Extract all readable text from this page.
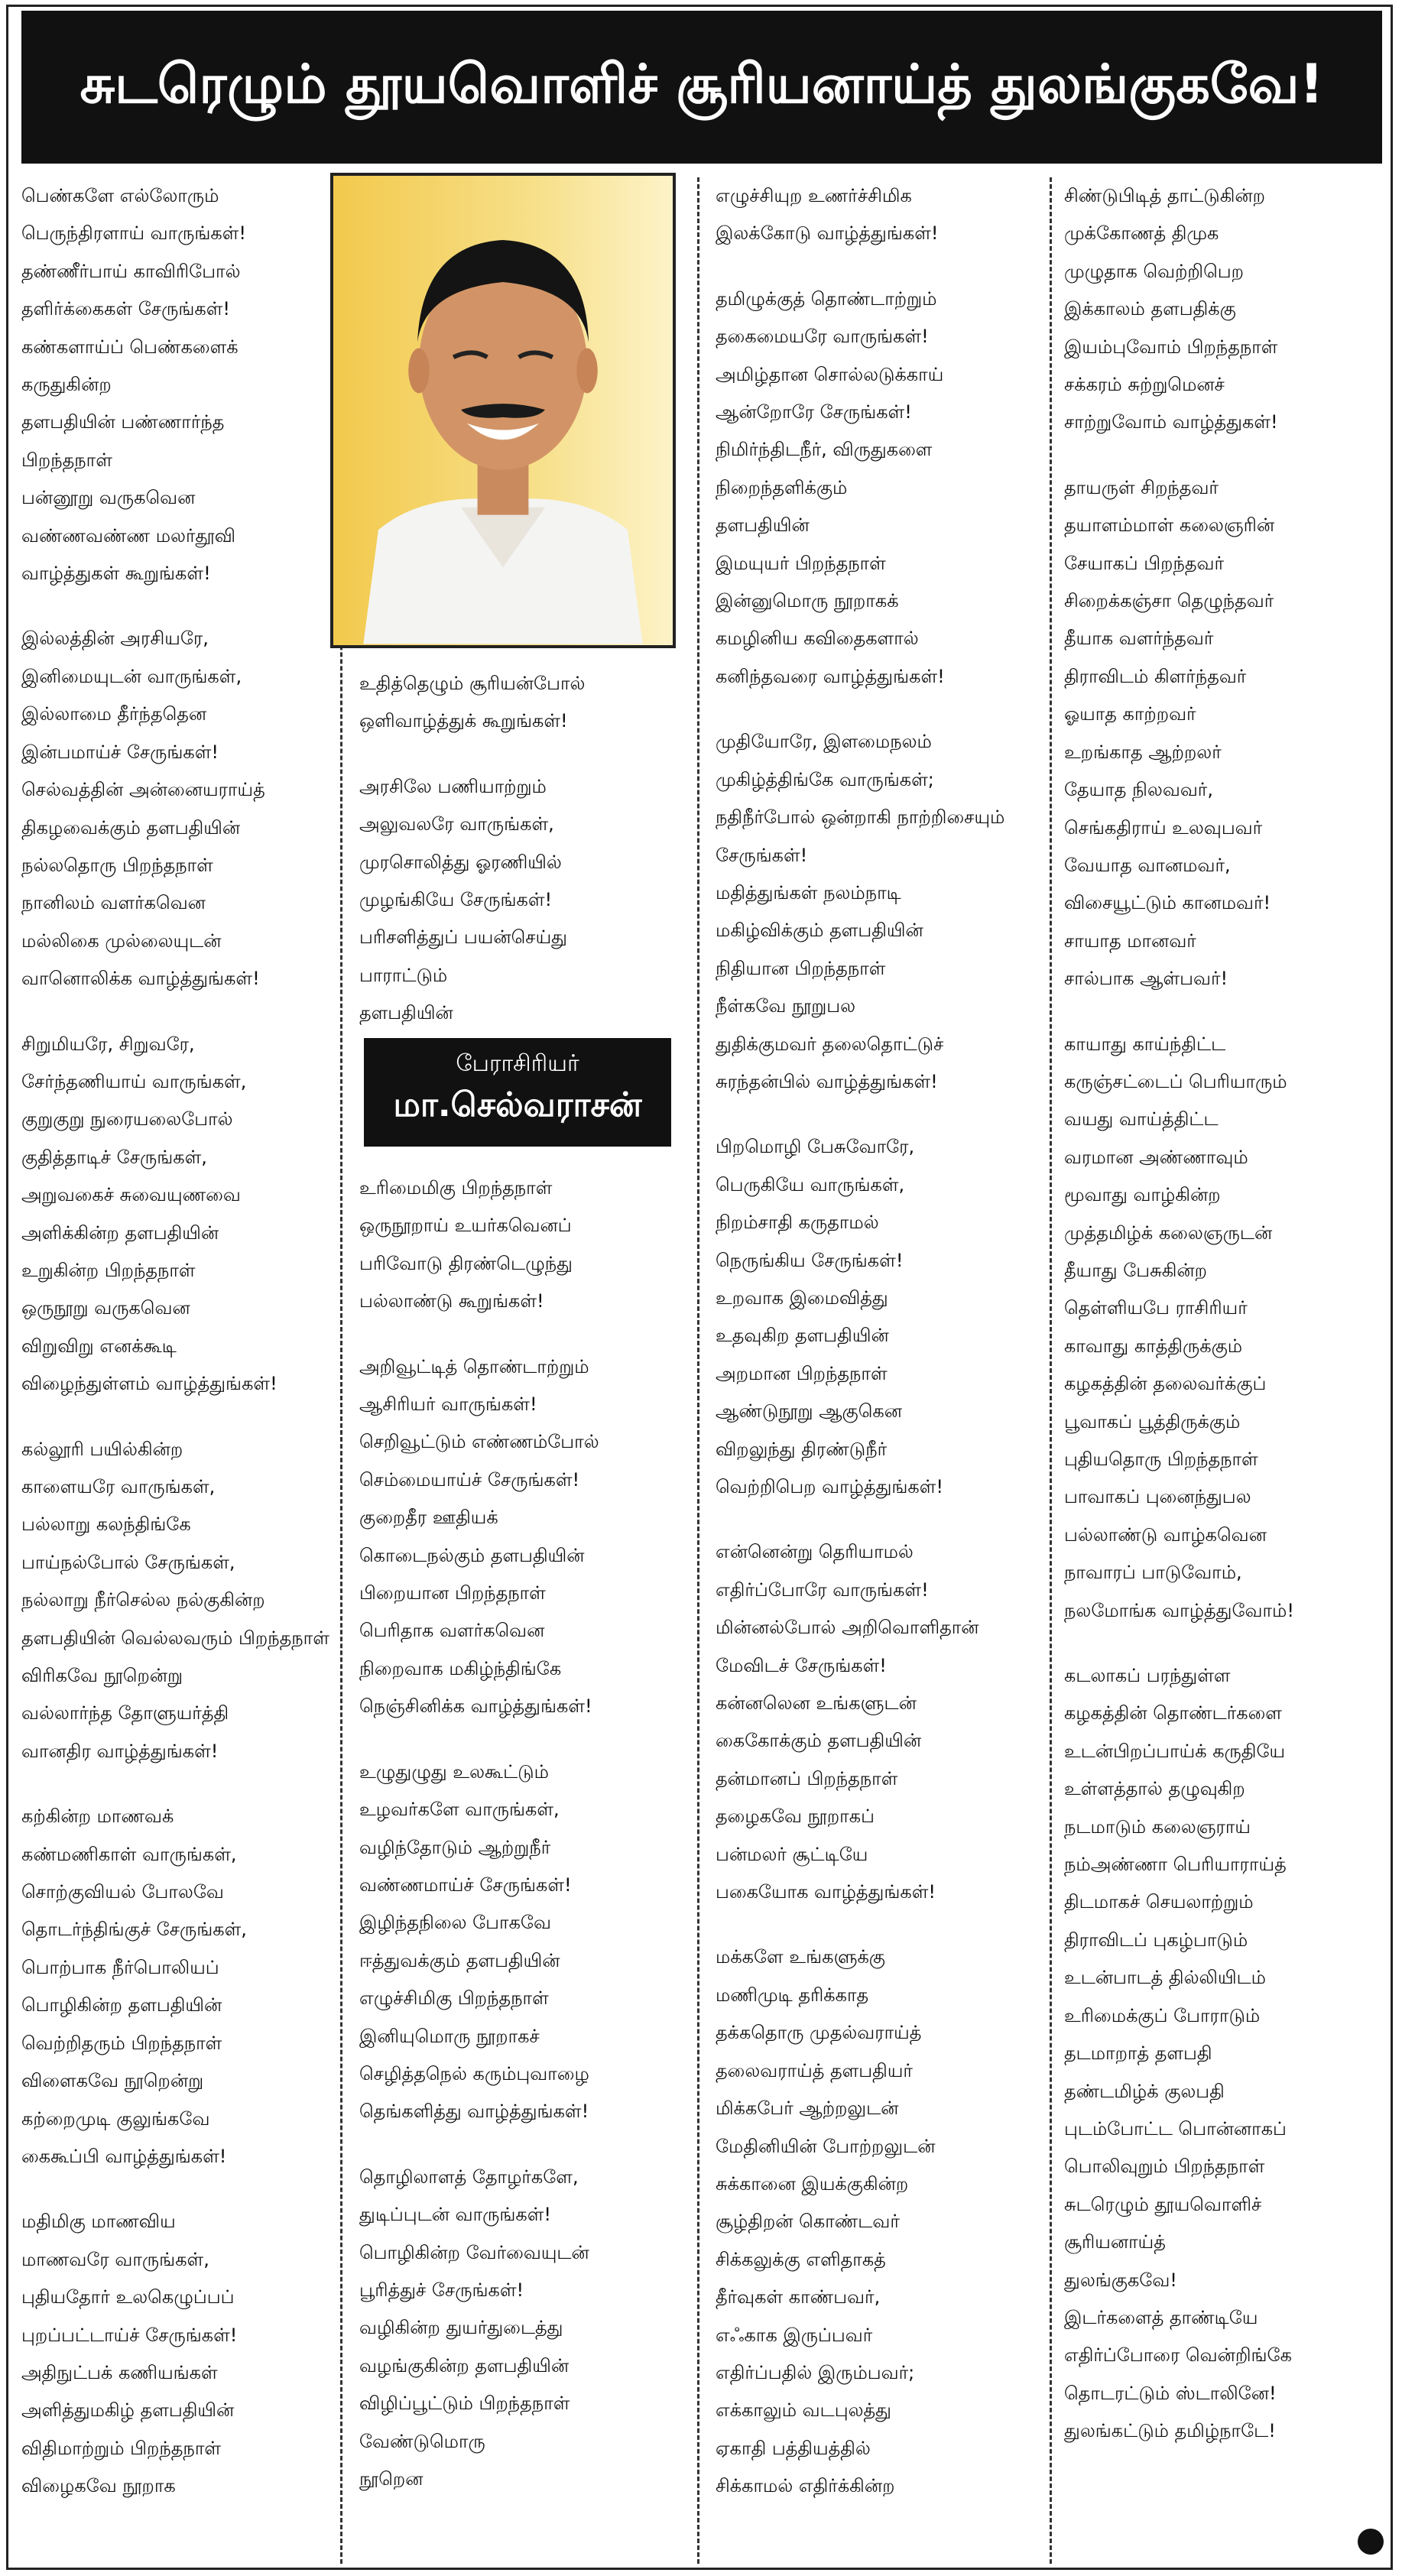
சுடரெழும் தூயவொளிச் சூரியனாய்த் துலங்குகவே!
பெண்களே எல்லோரும்
பெருந்திரளாய் வாருங்கள்!
தண்ணீர்பாய் காவிரிபோல்
தளிர்க்கைகள் சேருங்கள்!
கண்களாய்ப் பெண்களைக்
கருதுகின்ற
தளபதியின் பண்ணார்ந்த
பிறந்தநாள்
பன்னூறு வருகவென
வண்ணவண்ண மலர்தூவி
வாழ்த்துகள் கூறுங்கள்!
இல்லத்தின் அரசியரே,
இனிமையுடன் வாருங்கள்,
இல்லாமை தீர்ந்ததென
இன்பமாய்ச் சேருங்கள்!
செல்வத்தின் அன்னையராய்த்
திகழவைக்கும் தளபதியின்
நல்லதொரு பிறந்தநாள்
நானிலம் வளர்கவென
மல்லிகை முல்லையுடன்
வானொலிக்க வாழ்த்துங்கள்!
சிறுமியரே, சிறுவரே,
சேர்ந்தணியாய் வாருங்கள்,
குறுகுறு நுரையலைபோல்
குதித்தாடிச் சேருங்கள்,
அறுவகைச் சுவையுணவை
அளிக்கின்ற தளபதியின்
உறுகின்ற பிறந்தநாள்
ஒருநூறு வருகவென
விறுவிறு எனக்கூடி
விழைந்துள்ளம் வாழ்த்துங்கள்!
கல்லூரி பயில்கின்ற
காளையரே வாருங்கள்,
பல்லாறு கலந்திங்கே
பாய்நல்போல் சேருங்கள்,
நல்லாறு நீர்செல்ல நல்குகின்ற
தளபதியின் வெல்லவரும் பிறந்தநாள்
விரிகவே நூறென்று
வல்லார்ந்த தோளுயர்த்தி
வானதிர வாழ்த்துங்கள்!
கற்கின்ற மாணவக்
கண்மணிகாள் வாருங்கள்,
சொற்குவியல் போலவே
தொடர்ந்திங்குச் சேருங்கள்,
பொற்பாக நீர்பொலியப்
பொழிகின்ற தளபதியின்
வெற்றிதரும் பிறந்தநாள்
விளைகவே நூறென்று
கற்றைமுடி குலுங்கவே
கைகூப்பி வாழ்த்துங்கள்!
மதிமிகு மாணவிய
மாணவரே வாருங்கள்,
புதியதோர் உலகெழுப்பப்
புறப்பட்டாய்ச் சேருங்கள்!
அதிநுட்பக் கணியங்கள்
அளித்துமகிழ் தளபதியின்
விதிமாற்றும் பிறந்தநாள்
விழைகவே நூறாக
உதித்தெழும் சூரியன்போல்
ஒளிவாழ்த்துக் கூறுங்கள்!
அரசிலே பணியாற்றும்
அலுவலரே வாருங்கள்,
முரசொலித்து ஓரணியில்
முழங்கியே சேருங்கள்!
பரிசளித்துப் பயன்செய்து
பாராட்டும்
தளபதியின்
பேராசிரியர்
மா.செல்வராசன்
உரிமைமிகு பிறந்தநாள்
ஒருநூறாய் உயர்கவெனப்
பரிவோடு திரண்டெழுந்து
பல்லாண்டு கூறுங்கள்!
அறிவூட்டித் தொண்டாற்றும்
ஆசிரியர் வாருங்கள்!
செறிவூட்டும் எண்ணம்போல்
செம்மையாய்ச் சேருங்கள்!
குறைதீர ஊதியக்
கொடைநல்கும் தளபதியின்
பிறையான பிறந்தநாள்
பெரிதாக வளர்கவென
நிறைவாக மகிழ்ந்திங்கே
நெஞ்சினிக்க வாழ்த்துங்கள்!
உழுதுழுது உலகூட்டும்
உழவர்களே வாருங்கள்,
வழிந்தோடும் ஆற்றுநீர்
வண்ணமாய்ச் சேருங்கள்!
இழிந்தநிலை போகவே
ஈத்துவக்கும் தளபதியின்
எழுச்சிமிகு பிறந்தநாள்
இனியுமொரு நூறாகச்
செழித்தநெல் கரும்புவாழை
தெங்களித்து வாழ்த்துங்கள்!
தொழிலாளத் தோழர்களே,
துடிப்புடன் வாருங்கள்!
பொழிகின்ற வேர்வையுடன்
பூரித்துச் சேருங்கள்!
வழிகின்ற துயர்துடைத்து
வழங்குகின்ற தளபதியின்
விழிப்பூட்டும் பிறந்தநாள்
வேண்டுமொரு
நூறென
எழுச்சியுற உணர்ச்சிமிக
இலக்கோடு வாழ்த்துங்கள்!
தமிழுக்குத் தொண்டாற்றும்
தகைமையரே வாருங்கள்!
அமிழ்தான சொல்லடுக்காய்
ஆன்றோரே சேருங்கள்!
நிமிர்ந்திடநீர், விருதுகளை
நிறைந்தளிக்கும்
தளபதியின்
இமயுயர் பிறந்தநாள்
இன்னுமொரு நூறாகக்
கமழினிய கவிதைகளால்
கனிந்தவரை வாழ்த்துங்கள்!
முதியோரே, இளமைநலம்
முகிழ்த்திங்கே வாருங்கள்;
நதிநீர்போல் ஒன்றாகி நாற்றிசையும்
சேருங்கள்!
மதித்துங்கள் நலம்நாடி
மகிழ்விக்கும் தளபதியின்
நிதியான பிறந்தநாள்
நீள்கவே நூறுபல
துதிக்குமவர் தலைதொட்டுச்
சுரந்தன்பில் வாழ்த்துங்கள்!
பிறமொழி பேசுவோரே,
பெருகியே வாருங்கள்,
நிறம்சாதி கருதாமல்
நெருங்கிய சேருங்கள்!
உறவாக இமைவித்து
உதவுகிற தளபதியின்
அறமான பிறந்தநாள்
ஆண்டுநூறு ஆகுகென
விறலுந்து திரண்டுநீர்
வெற்றிபெற வாழ்த்துங்கள்!
என்னென்று தெரியாமல்
எதிர்ப்போரே வாருங்கள்!
மின்னல்போல் அறிவொளிதான்
மேவிடச் சேருங்கள்!
கன்னலென உங்களுடன்
கைகோக்கும் தளபதியின்
தன்மானப் பிறந்தநாள்
தழைகவே நூறாகப்
பன்மலர் சூட்டியே
பகையோக வாழ்த்துங்கள்!
மக்களே உங்களுக்கு
மணிமுடி தரிக்காத
தக்கதொரு முதல்வராய்த்
தலைவராய்த் தளபதியர்
மிக்கபேர் ஆற்றலுடன்
மேதினியின் போற்றலுடன்
சுக்கானை இயக்குகின்ற
சூழ்திறன் கொண்டவர்
சிக்கலுக்கு எளிதாகத்
தீர்வுகள் காண்பவர்,
எஃகாக இருப்பவர்
எதிர்ப்பதில் இரும்பவர்;
எக்காலும் வடபுலத்து
ஏகாதி பத்தியத்தில்
சிக்காமல் எதிர்க்கின்ற
சிண்டுபிடித் தாட்டுகின்ற
முக்கோணத் திமுக
முழுதாக வெற்றிபெற
இக்காலம் தளபதிக்கு
இயம்புவோம் பிறந்தநாள்
சக்கரம் சுற்றுமெனச்
சாற்றுவோம் வாழ்த்துகள்!
தாயருள் சிறந்தவர்
தயாளம்மாள் கலைஞரின்
சேயாகப் பிறந்தவர்
சிறைக்கஞ்சா தெழுந்தவர்
தீயாக வளர்ந்தவர்
திராவிடம் கிளர்ந்தவர்
ஓயாத காற்றவர்
உறங்காத ஆற்றலர்
தேயாத நிலவவர்,
செங்கதிராய் உலவுபவர்
வேயாத வானமவர்,
விசையூட்டும் கானமவர்!
சாயாத மானவர்
சால்பாக ஆள்பவர்!
காயாது காய்ந்திட்ட
கருஞ்சட்டைப் பெரியாரும்
வயது வாய்த்திட்ட
வரமான அண்ணாவும்
மூவாது வாழ்கின்ற
முத்தமிழ்க் கலைஞருடன்
தீயாது பேசுகின்ற
தெள்ளியபே ராசிரியர்
காவாது காத்திருக்கும்
கழகத்தின் தலைவர்க்குப்
பூவாகப் பூத்திருக்கும்
புதியதொரு பிறந்தநாள்
பாவாகப் புனைந்துபல
பல்லாண்டு வாழ்கவென
நாவாரப் பாடுவோம்,
நலமோங்க வாழ்த்துவோம்!
கடலாகப் பரந்துள்ள
கழகத்தின் தொண்டர்களை
உடன்பிறப்பாய்க் கருதியே
உள்ளத்தால் தழுவுகிற
நடமாடும் கலைஞராய்
நம்அண்ணா பெரியாராய்த்
திடமாகச் செயலாற்றும்
திராவிடப் புகழ்பாடும்
உடன்பாடத் தில்லியிடம்
உரிமைக்குப் போராடும்
தடமாறாத் தளபதி
தண்டமிழ்க் குலபதி
புடம்போட்ட பொன்னாகப்
பொலிவுறும் பிறந்தநாள்
சுடரெழும் தூயவொளிச்
சூரியனாய்த்
துலங்குகவே!
இடர்களைத் தாண்டியே
எதிர்ப்போரை வென்றிங்கே
தொடரட்டும் ஸ்டாலினே!
துலங்கட்டும் தமிழ்நாடே!
